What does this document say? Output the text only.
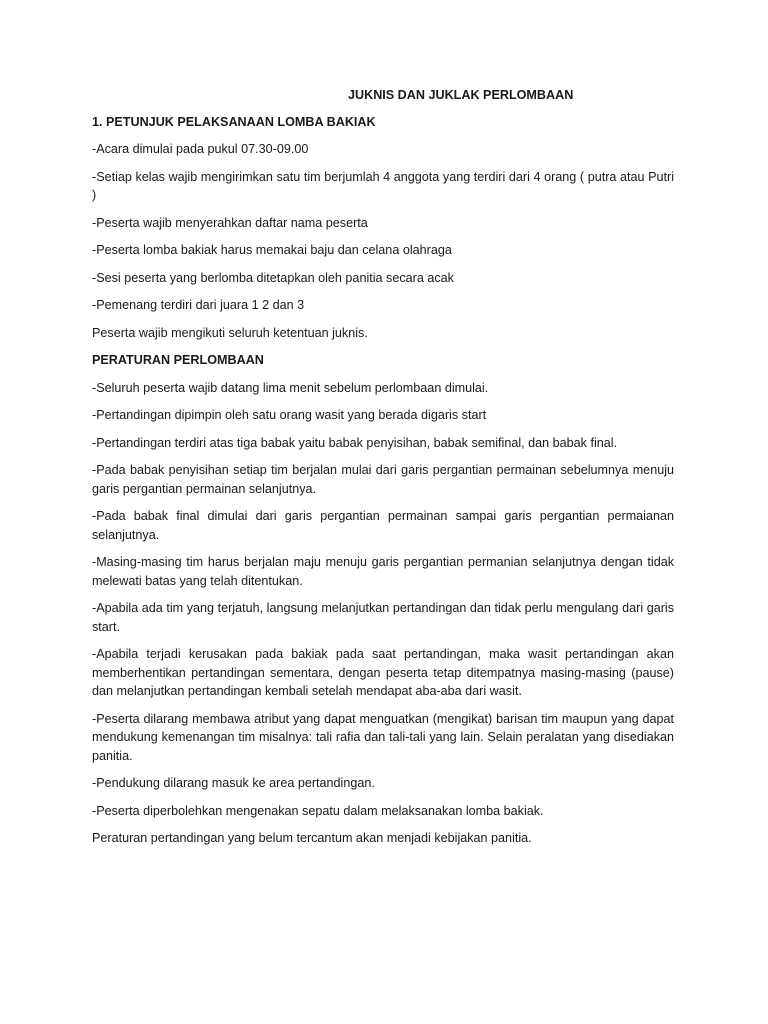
JUKNIS DAN JUKLAK PERLOMBAAN

1. PETUNJUK PELAKSANAAN LOMBA BAKIAK

-Acara dimulai pada pukul 07.30-09.00

-Setiap kelas wajib mengirimkan satu tim berjumlah 4 anggota yang terdiri dari 4 orang ( putra atau Putri )

-Peserta wajib menyerahkan daftar nama peserta

-Peserta lomba bakiak harus memakai baju dan celana olahraga

-Sesi peserta yang berlomba ditetapkan oleh panitia secara acak

-Pemenang terdiri dari juara 1 2 dan 3

Peserta wajib mengikuti seluruh ketentuan juknis.

PERATURAN PERLOMBAAN

-Seluruh peserta wajib datang lima menit sebelum perlombaan dimulai.

-Pertandingan dipimpin oleh satu orang wasit yang berada digaris start

-Pertandingan terdiri atas tiga babak yaitu babak penyisihan, babak semifinal, dan babak final.

-Pada babak penyisihan setiap tim berjalan mulai dari garis pergantian permainan sebelumnya menuju garis pergantian permainan selanjutnya.

-Pada babak final dimulai dari garis pergantian permainan sampai garis pergantian permaianan selanjutnya.

-Masing-masing tim harus berjalan maju menuju garis pergantian permanian selanjutnya dengan tidak melewati batas yang telah ditentukan.

-Apabila ada tim yang terjatuh, langsung melanjutkan pertandingan dan tidak perlu mengulang dari garis start.

-Apabila terjadi kerusakan pada bakiak pada saat pertandingan, maka wasit pertandingan akan memberhentikan pertandingan sementara, dengan peserta tetap ditempatnya masing-masing (pause) dan melanjutkan pertandingan kembali setelah mendapat aba-aba dari wasit.

-Peserta dilarang membawa atribut yang dapat menguatkan (mengikat) barisan tim maupun yang dapat mendukung kemenangan tim misalnya: tali rafia dan tali-tali yang lain. Selain peralatan yang disediakan panitia.

-Pendukung dilarang masuk ke area pertandingan.

-Peserta diperbolehkan mengenakan sepatu dalam melaksanakan lomba bakiak.

Peraturan pertandingan yang belum tercantum akan menjadi kebijakan panitia.
